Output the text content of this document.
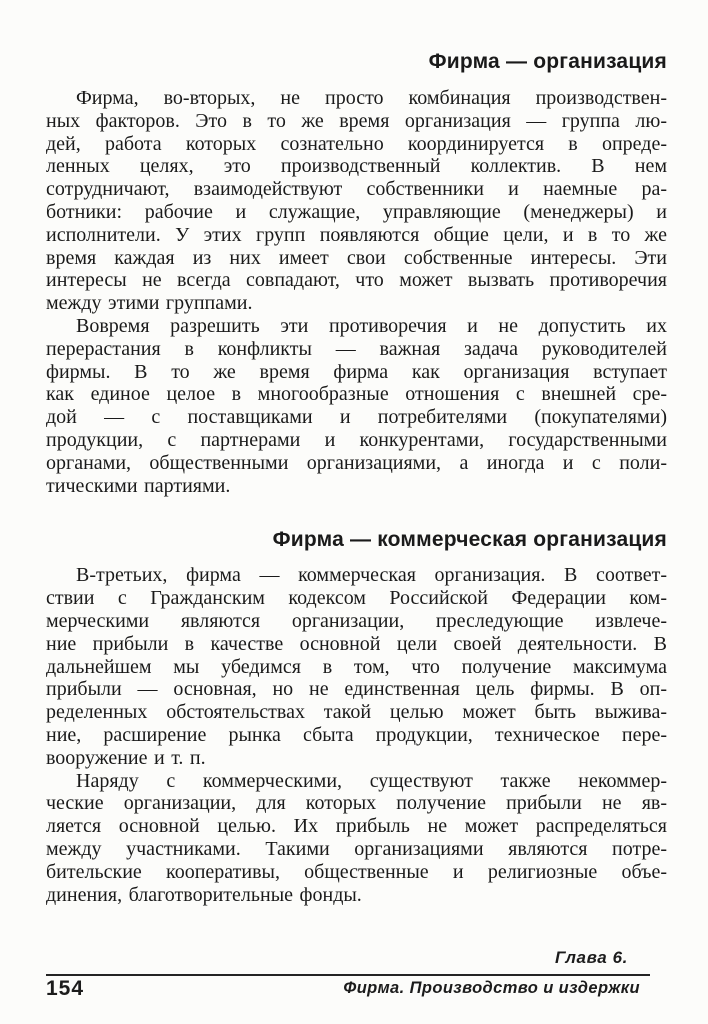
Фирма — организация
Фирма, во-вторых, не просто комбинация производствен-
ных факторов. Это в то же время организация — группа лю-
дей, работа которых сознательно координируется в опреде-
ленных целях, это производственный коллектив. В нем
сотрудничают, взаимодействуют собственники и наемные ра-
ботники: рабочие и служащие, управляющие (менеджеры) и
исполнители. У этих групп появляются общие цели, и в то же
время каждая из них имеет свои собственные интересы. Эти
интересы не всегда совпадают, что может вызвать противоречия
между этими группами.
Вовремя разрешить эти противоречия и не допустить их
перерастания в конфликты — важная задача руководителей
фирмы. В то же время фирма как организация вступает
как единое целое в многообразные отношения с внешней сре-
дой — с поставщиками и потребителями (покупателями)
продукции, с партнерами и конкурентами, государственными
органами, общественными организациями, а иногда и с поли-
тическими партиями.
Фирма — коммерческая организация
В-третьих, фирма — коммерческая организация. В соответ-
ствии с Гражданским кодексом Российской Федерации ком-
мерческими являются организации, преследующие извлече-
ние прибыли в качестве основной цели своей деятельности. В
дальнейшем мы убедимся в том, что получение максимума
прибыли — основная, но не единственная цель фирмы. В оп-
ределенных обстоятельствах такой целью может быть выжива-
ние, расширение рынка сбыта продукции, техническое пере-
вооружение и т. п.
Наряду с коммерческими, существуют также некоммер-
ческие организации, для которых получение прибыли не яв-
ляется основной целью. Их прибыль не может распределяться
между участниками. Такими организациями являются потре-
бительские кооперативы, общественные и религиозные объе-
динения, благотворительные фонды.
Глава 6.
154	Фирма. Производство и издержки
